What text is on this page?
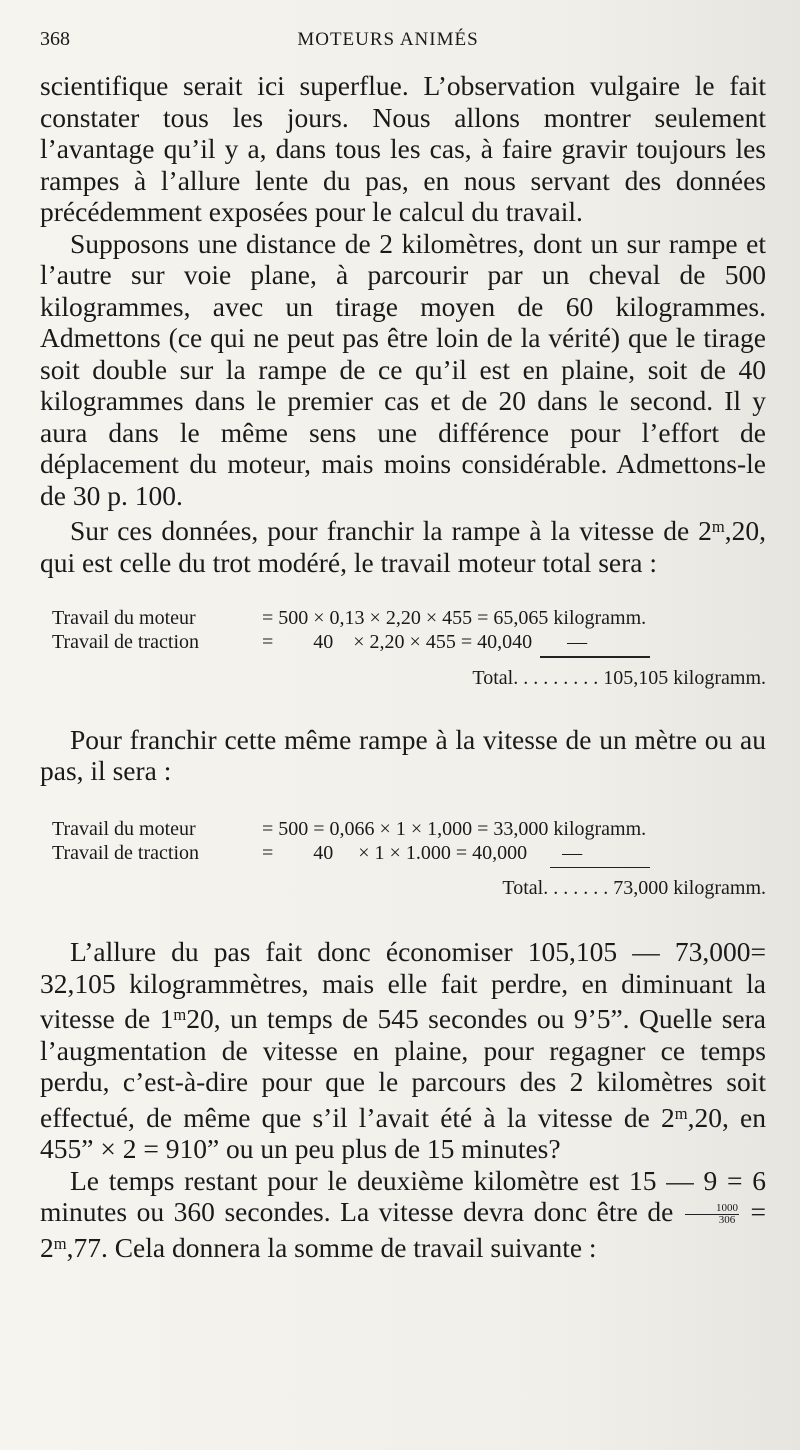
368	MOTEURS ANIMÉS

scientifique serait ici superflue. L’observation vulgaire le fait constater tous les jours. Nous allons montrer seulement l’avantage qu’il y a, dans tous les cas, à faire gravir toujours les rampes à l’allure lente du pas, en nous servant des données précédemment exposées pour le calcul du travail.

Supposons une distance de 2 kilomètres, dont un sur rampe et l’autre sur voie plane, à parcourir par un cheval de 500 kilogrammes, avec un tirage moyen de 60 kilogrammes. Admettons (ce qui ne peut pas être loin de la vérité) que le tirage soit double sur la rampe de ce qu’il est en plaine, soit de 40 kilogrammes dans le premier cas et de 20 dans le second. Il y aura dans le même sens une différence pour l’effort de déplacement du moteur, mais moins considérable. Admettons-le de 30 p. 100.

Sur ces données, pour franchir la rampe à la vitesse de 2$^m$,20, qui est celle du trot modéré, le travail moteur total sera :

Travail du moteur	= 500 × 0,13 × 2,20 × 455 = 65,065 kilogramm.
Travail de traction	=        40    × 2,20 × 455 = 40,040       —
Total. . . . . . . . . 105,105 kilogramm.

Pour franchir cette même rampe à la vitesse de un mètre ou au pas, il sera :

Travail du moteur	= 500 = 0,066 × 1 × 1,000 = 33,000 kilogramm.
Travail de traction	=        40     × 1 × 1.000 = 40,000       —
Total. . . . . . . 73,000 kilogramm.

L’allure du pas fait donc économiser 105,105 — 73,000= 32,105 kilogrammètres, mais elle fait perdre, en diminuant la vitesse de 1$^m$20, un temps de 545 secondes ou 9’5”. Quelle sera l’augmentation de vitesse en plaine, pour regagner ce temps perdu, c’est-à-dire pour que le parcours des 2 kilomètres soit effectué, de même que s’il l’avait été à la vitesse de 2$^m$,20, en 455” × 2 = 910” ou un peu plus de 15 minutes?

Le temps restant pour le deuxième kilomètre est 15 — 9 = 6 minutes ou 360 secondes. La vitesse devra donc être de $\frac{1000}{306} = 2^m,77$. Cela donnera la somme de travail suivante :
